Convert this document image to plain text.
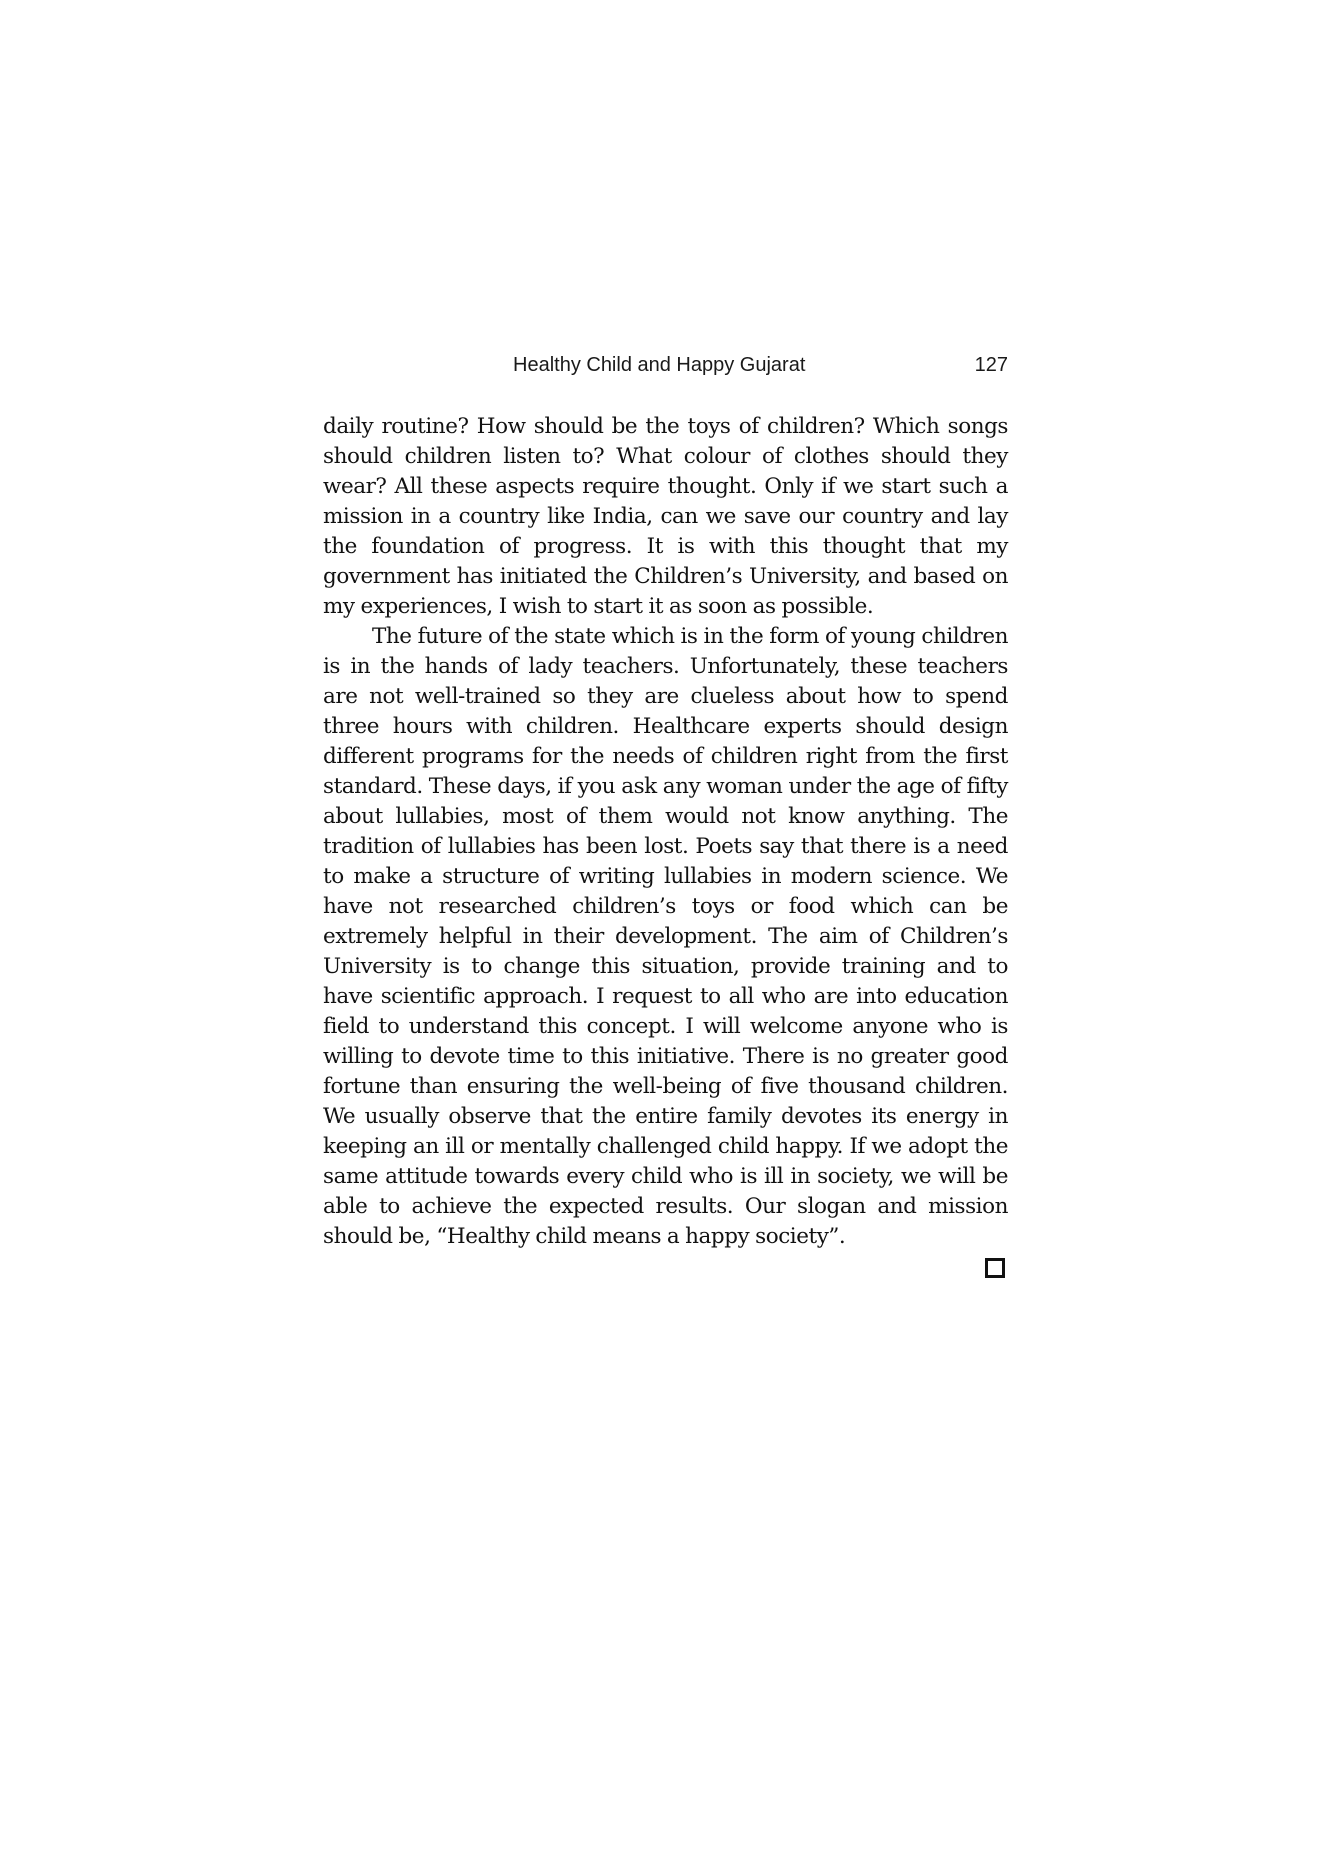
Healthy Child and Happy Gujarat	127

daily routine? How should be the toys of children? Which songs should children listen to? What colour of clothes should they wear? All these aspects require thought. Only if we start such a mission in a country like India, can we save our country and lay the foundation of progress. It is with this thought that my government has initiated the Children’s University, and based on my experiences, I wish to start it as soon as possible.

The future of the state which is in the form of young children is in the hands of lady teachers. Unfortunately, these teachers are not well-trained so they are clueless about how to spend three hours with children. Healthcare experts should design different programs for the needs of children right from the first standard. These days, if you ask any woman under the age of fifty about lullabies, most of them would not know anything. The tradition of lullabies has been lost. Poets say that there is a need to make a structure of writing lullabies in modern science. We have not researched children’s toys or food which can be extremely helpful in their development. The aim of Children’s University is to change this situation, provide training and to have scientific approach. I request to all who are into education field to understand this concept. I will welcome anyone who is willing to devote time to this initiative. There is no greater good fortune than ensuring the well-being of five thousand children. We usually observe that the entire family devotes its energy in keeping an ill or mentally challenged child happy. If we adopt the same attitude towards every child who is ill in society, we will be able to achieve the expected results. Our slogan and mission should be, “Healthy child means a happy society”.
